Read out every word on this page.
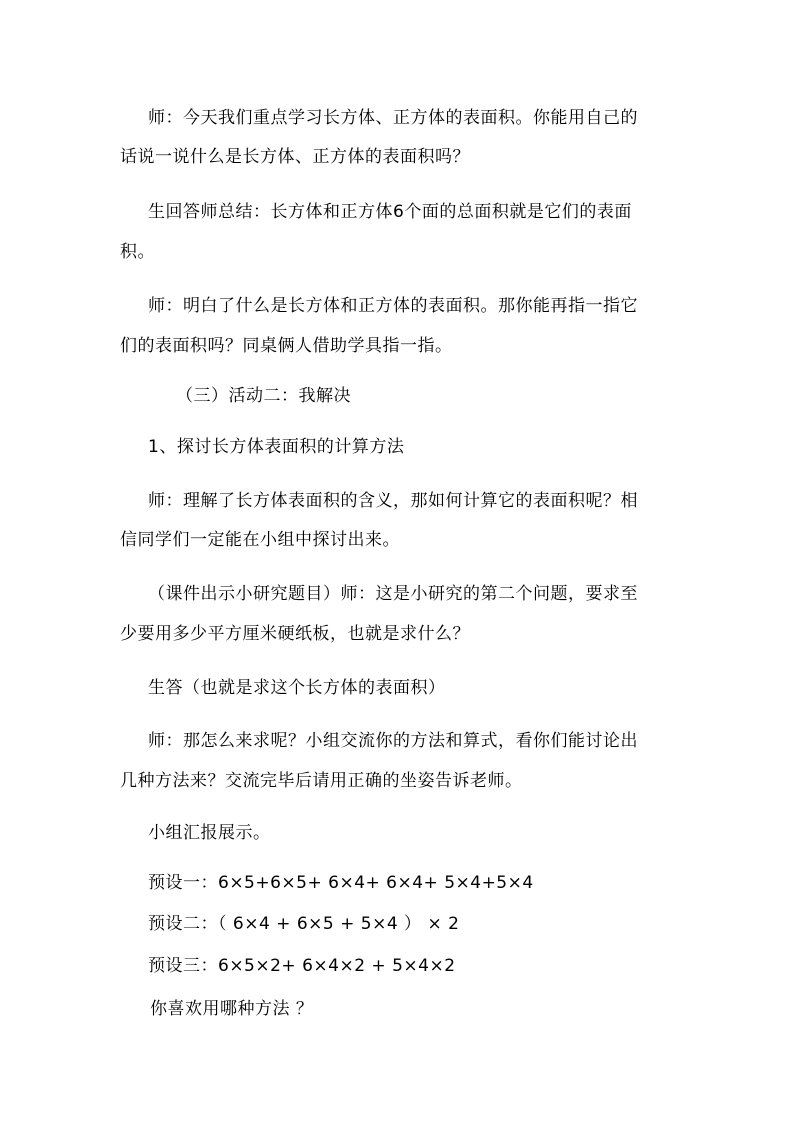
师：今天我们重点学习长方体、正方体的表面积。你能用自己的
话说一说什么是长方体、正方体的表面积吗？
生回答师总结：长方体和正方体6个面的总面积就是它们的表面
积。
师：明白了什么是长方体和正方体的表面积。那你能再指一指它
们的表面积吗？同桌俩人借助学具指一指。
（三）活动二：我解决
1、探讨长方体表面积的计算方法
师：理解了长方体表面积的含义，那如何计算它的表面积呢？相
信同学们一定能在小组中探讨出来。
（课件出示小研究题目）师：这是小研究的第二个问题，要求至
少要用多少平方厘米硬纸板，也就是求什么？
生答（也就是求这个长方体的表面积）
师：那怎么来求呢？小组交流你的方法和算式，看你们能讨论出
几种方法来？交流完毕后请用正确的坐姿告诉老师。
小组汇报展示。
预设一：6×5+6×5+ 6×4+ 6×4+ 5×4+5×4
预设二：（ 6×4 + 6×5 + 5×4 ） × 2
预设三：6×5×2+ 6×4×2 + 5×4×2
你喜欢用哪种方法 ？
